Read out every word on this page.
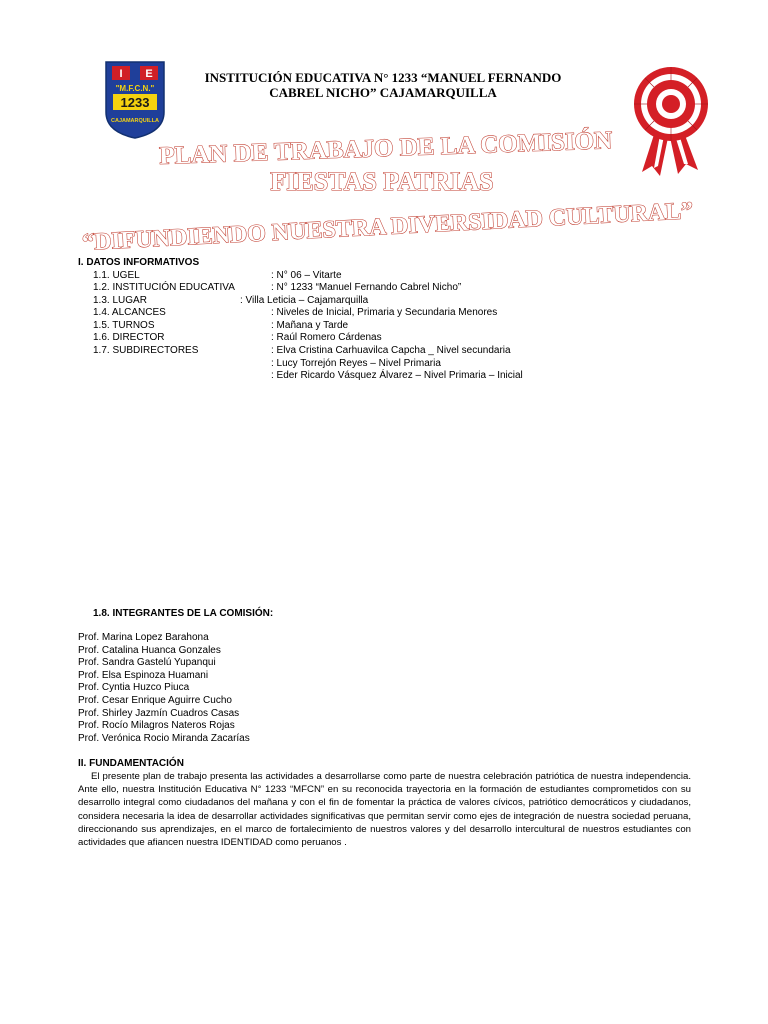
I E
"M.F.C.N."
1233
CAJAMARQUILLA
INSTITUCIÓN EDUCATIVA N° 1233 “MANUEL FERNANDO
CABREL NICHO” CAJAMARQUILLA
PLAN DE TRABAJO DE LA COMISIÓN
FIESTAS PATRIAS
“DIFUNDIENDO NUESTRA DIVERSIDAD CULTURAL”
I. DATOS INFORMATIVOS
1.1. UGEL	: N° 06 – Vitarte
1.2. INSTITUCIÓN EDUCATIVA	: N° 1233 “Manuel Fernando Cabrel Nicho”
1.3. LUGAR	: Villa Leticia – Cajamarquilla
1.4. ALCANCES	: Niveles de Inicial, Primaria y Secundaria Menores
1.5. TURNOS	: Mañana y Tarde
1.6. DIRECTOR	: Raúl Romero Cárdenas
1.7. SUBDIRECTORES	: Elva Cristina Carhuavilca Capcha _ Nivel secundaria
: Lucy Torrejón Reyes – Nivel Primaria
: Eder Ricardo Vásquez Álvarez – Nivel Primaria – Inicial
1.8. INTEGRANTES DE LA COMISIÓN:
Prof. Marina Lopez Barahona
Prof. Catalina Huanca Gonzales
Prof. Sandra Gastelú Yupanqui
Prof. Elsa Espinoza Huamani
Prof. Cyntia Huzco Piuca
Prof. Cesar Enrique Aguirre Cucho
Prof. Shirley Jazmín Cuadros Casas
Prof. Rocío Milagros Nateros Rojas
Prof. Verónica Rocio Miranda Zacarías
II. FUNDAMENTACIÓN
El presente plan de trabajo presenta las actividades a desarrollarse como parte de nuestra celebración patriótica de nuestra independencia. Ante ello, nuestra Institución Educativa N° 1233 “MFCN” en su reconocida trayectoria en la formación de estudiantes comprometidos con su desarrollo integral como ciudadanos del mañana y con el fin de fomentar la práctica de valores cívicos, patriótico democráticos y ciudadanos, considera necesaria la idea de desarrollar actividades significativas que permitan servir como ejes de integración de nuestra sociedad peruana, direccionando sus aprendizajes, en el marco de fortalecimiento de nuestros valores y del desarrollo intercultural de nuestros estudiantes con actividades que afiancen nuestra IDENTIDAD como peruanos .
